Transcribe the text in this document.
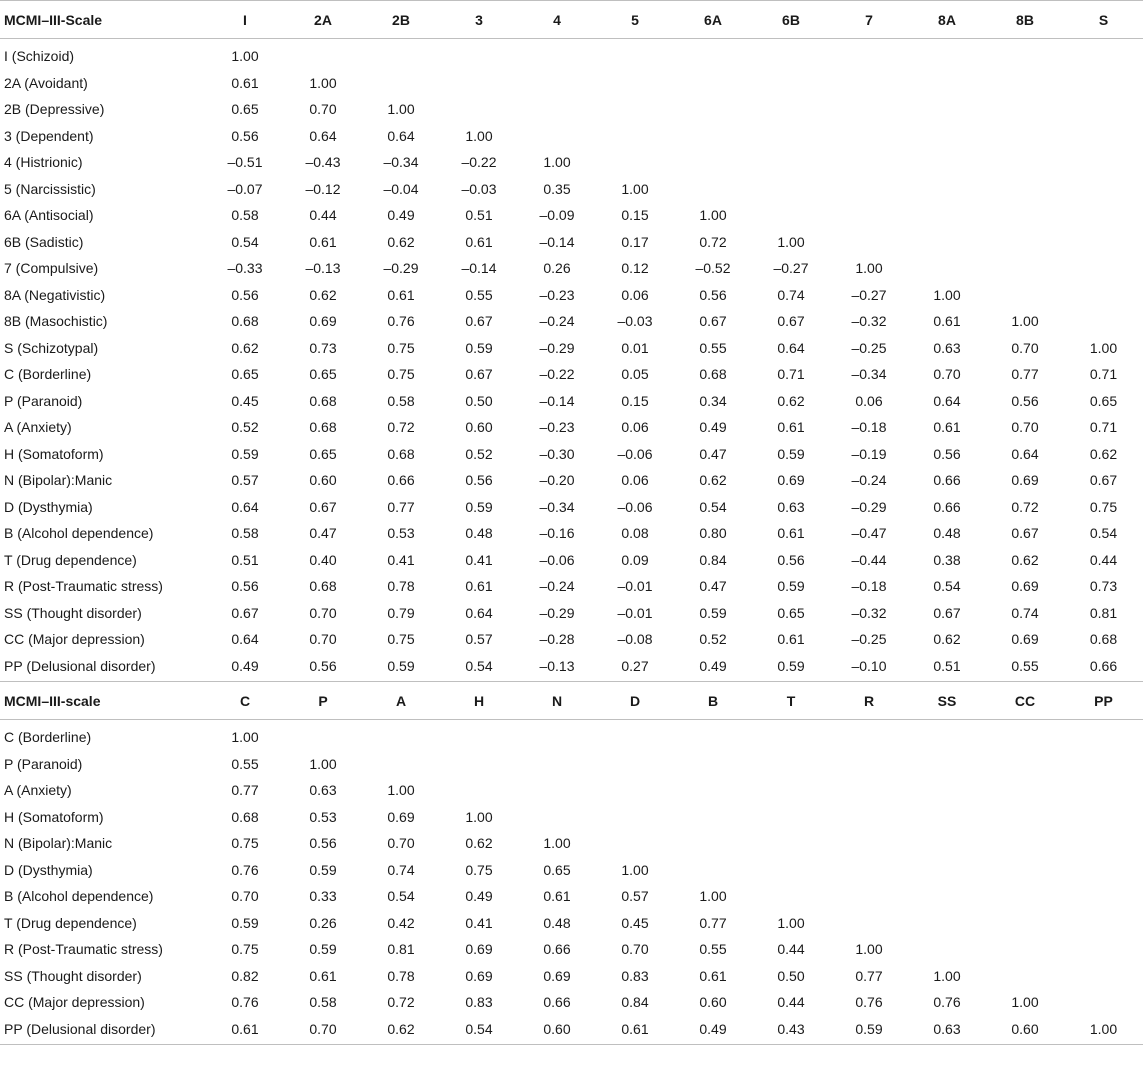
MCMI–III-Scale	I	2A	2B	3	4	5	6A	6B	7	8A	8B	S
I (Schizoid)	1.00											
2A (Avoidant)	0.61	1.00										
2B (Depressive)	0.65	0.70	1.00									
3 (Dependent)	0.56	0.64	0.64	1.00								
4 (Histrionic)	–0.51	–0.43	–0.34	–0.22	1.00							
5 (Narcissistic)	–0.07	–0.12	–0.04	–0.03	0.35	1.00						
6A (Antisocial)	0.58	0.44	0.49	0.51	–0.09	0.15	1.00					
6B (Sadistic)	0.54	0.61	0.62	0.61	–0.14	0.17	0.72	1.00				
7 (Compulsive)	–0.33	–0.13	–0.29	–0.14	0.26	0.12	–0.52	–0.27	1.00			
8A (Negativistic)	0.56	0.62	0.61	0.55	–0.23	0.06	0.56	0.74	–0.27	1.00		
8B (Masochistic)	0.68	0.69	0.76	0.67	–0.24	–0.03	0.67	0.67	–0.32	0.61	1.00	
S (Schizotypal)	0.62	0.73	0.75	0.59	–0.29	0.01	0.55	0.64	–0.25	0.63	0.70	1.00
C (Borderline)	0.65	0.65	0.75	0.67	–0.22	0.05	0.68	0.71	–0.34	0.70	0.77	0.71
P (Paranoid)	0.45	0.68	0.58	0.50	–0.14	0.15	0.34	0.62	0.06	0.64	0.56	0.65
A (Anxiety)	0.52	0.68	0.72	0.60	–0.23	0.06	0.49	0.61	–0.18	0.61	0.70	0.71
H (Somatoform)	0.59	0.65	0.68	0.52	–0.30	–0.06	0.47	0.59	–0.19	0.56	0.64	0.62
N (Bipolar):Manic	0.57	0.60	0.66	0.56	–0.20	0.06	0.62	0.69	–0.24	0.66	0.69	0.67
D (Dysthymia)	0.64	0.67	0.77	0.59	–0.34	–0.06	0.54	0.63	–0.29	0.66	0.72	0.75
B (Alcohol dependence)	0.58	0.47	0.53	0.48	–0.16	0.08	0.80	0.61	–0.47	0.48	0.67	0.54
T (Drug dependence)	0.51	0.40	0.41	0.41	–0.06	0.09	0.84	0.56	–0.44	0.38	0.62	0.44
R (Post-Traumatic stress)	0.56	0.68	0.78	0.61	–0.24	–0.01	0.47	0.59	–0.18	0.54	0.69	0.73
SS (Thought disorder)	0.67	0.70	0.79	0.64	–0.29	–0.01	0.59	0.65	–0.32	0.67	0.74	0.81
CC (Major depression)	0.64	0.70	0.75	0.57	–0.28	–0.08	0.52	0.61	–0.25	0.62	0.69	0.68
PP (Delusional disorder)	0.49	0.56	0.59	0.54	–0.13	0.27	0.49	0.59	–0.10	0.51	0.55	0.66
MCMI–III-scale	C	P	A	H	N	D	B	T	R	SS	CC	PP
C (Borderline)	1.00											
P (Paranoid)	0.55	1.00										
A (Anxiety)	0.77	0.63	1.00									
H (Somatoform)	0.68	0.53	0.69	1.00								
N (Bipolar):Manic	0.75	0.56	0.70	0.62	1.00							
D (Dysthymia)	0.76	0.59	0.74	0.75	0.65	1.00						
B (Alcohol dependence)	0.70	0.33	0.54	0.49	0.61	0.57	1.00					
T (Drug dependence)	0.59	0.26	0.42	0.41	0.48	0.45	0.77	1.00				
R (Post-Traumatic stress)	0.75	0.59	0.81	0.69	0.66	0.70	0.55	0.44	1.00			
SS (Thought disorder)	0.82	0.61	0.78	0.69	0.69	0.83	0.61	0.50	0.77	1.00		
CC (Major depression)	0.76	0.58	0.72	0.83	0.66	0.84	0.60	0.44	0.76	0.76	1.00	
PP (Delusional disorder)	0.61	0.70	0.62	0.54	0.60	0.61	0.49	0.43	0.59	0.63	0.60	1.00
